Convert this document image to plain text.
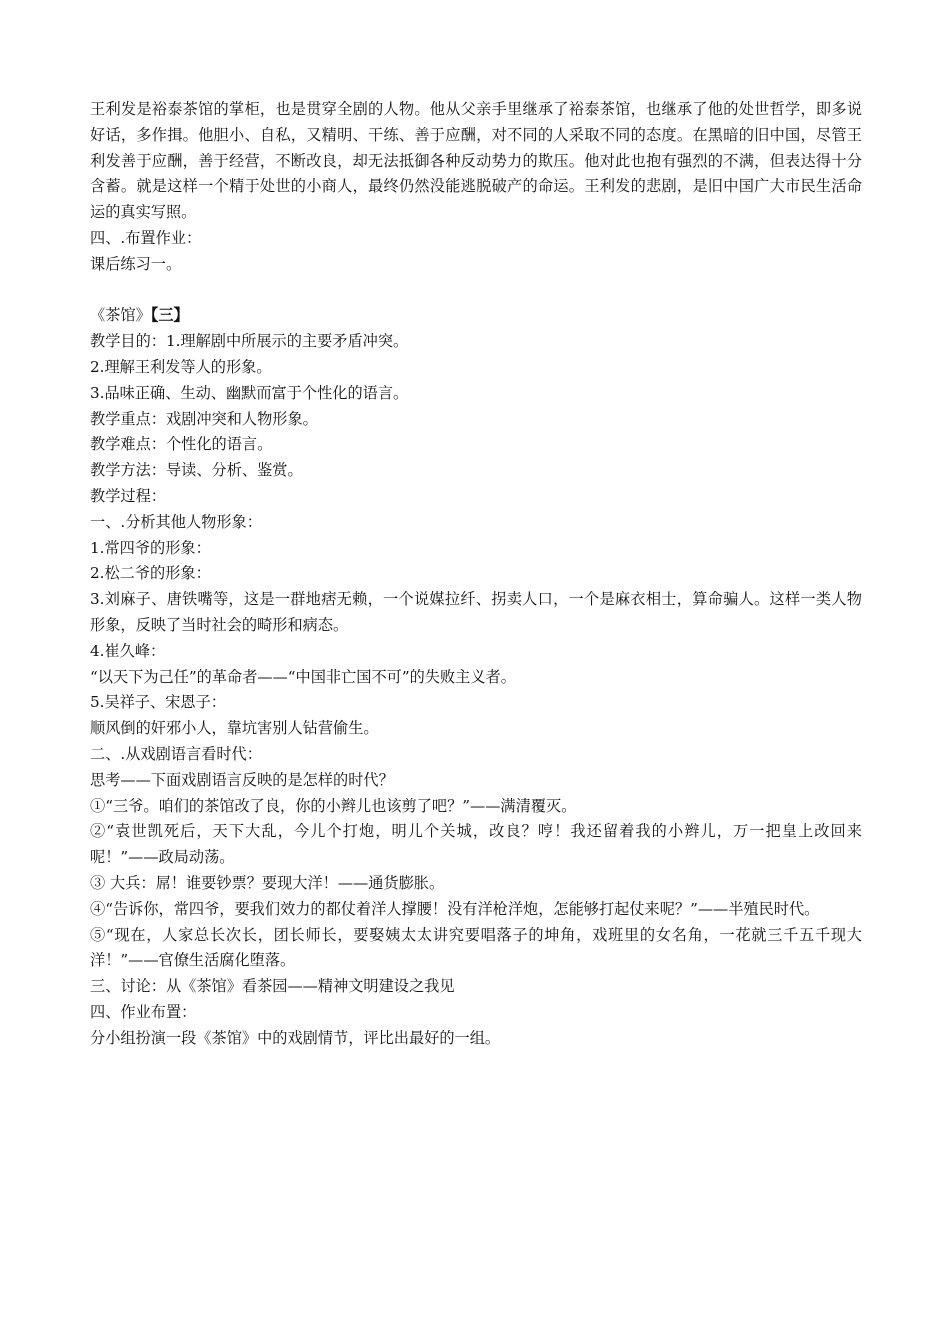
王利发是裕泰茶馆的掌柜，也是贯穿全剧的人物。他从父亲手里继承了裕泰茶馆，也继承了他的处世哲学，即多说好话，多作揖。他胆小、自私，又精明、干练、善于应酬，对不同的人采取不同的态度。在黑暗的旧中国，尽管王利发善于应酬，善于经营，不断改良，却无法抵御各种反动势力的欺压。他对此也抱有强烈的不满，但表达得十分含蓄。就是这样一个精于处世的小商人，最终仍然没能逃脱破产的命运。王利发的悲剧，是旧中国广大市民生活命运的真实写照。

四、.布置作业：

课后练习一。

《茶馆》【三】

教学目的：1.理解剧中所展示的主要矛盾冲突。

2.理解王利发等人的形象。

3.品味正确、生动、幽默而富于个性化的语言。

教学重点：戏剧冲突和人物形象。

教学难点：个性化的语言。

教学方法：导读、分析、鉴赏。

教学过程：

一、.分析其他人物形象：

1.常四爷的形象：

2.松二爷的形象：

3.刘麻子、唐铁嘴等，这是一群地痞无赖，一个说媒拉纤、拐卖人口，一个是麻衣相士，算命骗人。这样一类人物形象，反映了当时社会的畸形和病态。

4.崔久峰：

“以天下为己任”的革命者——“中国非亡国不可”的失败主义者。

5.吴祥子、宋恩子：

顺风倒的奸邪小人，靠坑害别人钻营偷生。

二、.从戏剧语言看时代：

思考——下面戏剧语言反映的是怎样的时代？

①“三爷。咱们的茶馆改了良，你的小辫儿也该剪了吧？”——满清覆灭。

②“袁世凯死后，天下大乱，今儿个打炮，明儿个关城，改良？哼！我还留着我的小辫儿，万一把皇上改回来呢！”——政局动荡。

③ 大兵：屌！谁要钞票？要现大洋！——通货膨胀。

④“告诉你，常四爷，要我们效力的都仗着洋人撑腰！没有洋枪洋炮，怎能够打起仗来呢？”——半殖民时代。

⑤“现在，人家总长次长，团长师长，要娶姨太太讲究要唱落子的坤角，戏班里的女名角，一花就三千五千现大洋！”——官僚生活腐化堕落。

三、讨论：从《茶馆》看茶园——精神文明建设之我见

四、作业布置：

分小组扮演一段《茶馆》中的戏剧情节，评比出最好的一组。
